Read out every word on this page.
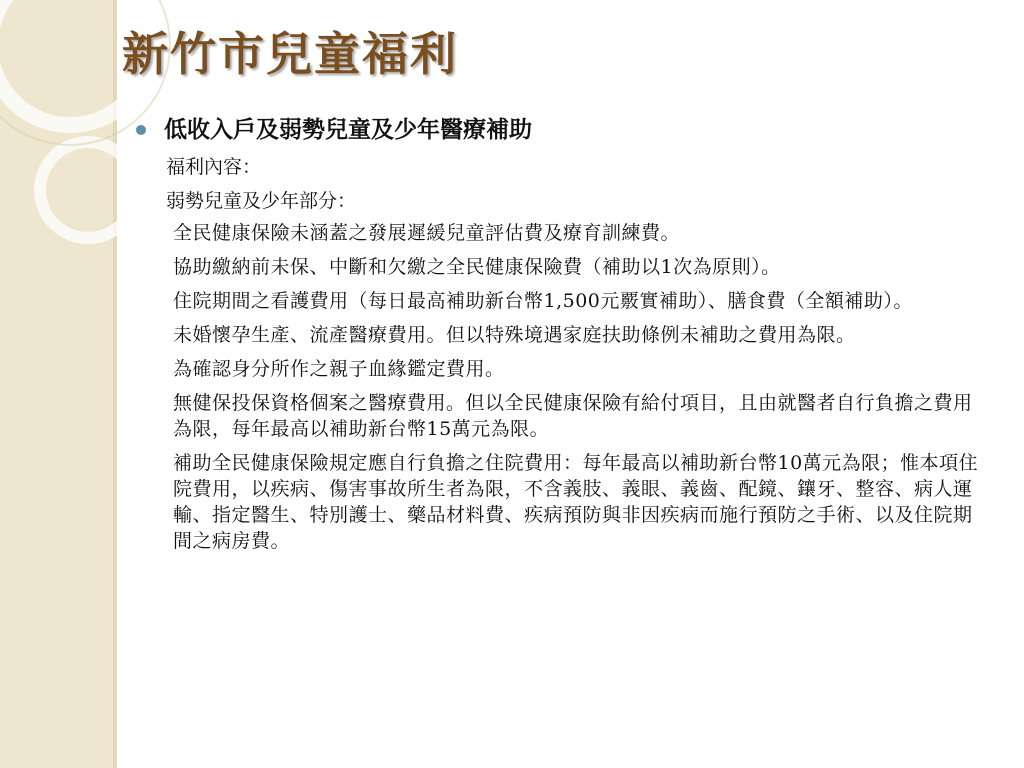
新竹市兒童福利
低收入戶及弱勢兒童及少年醫療補助
福利內容：
弱勢兒童及少年部分：
全民健康保險未涵蓋之發展遲緩兒童評估費及療育訓練費。
協助繳納前未保、中斷和欠繳之全民健康保險費（補助以1次為原則）。
住院期間之看護費用（每日最高補助新台幣1,500元覈實補助）、膳食費（全額補助）。
未婚懷孕生產、流產醫療費用。但以特殊境遇家庭扶助條例未補助之費用為限。
為確認身分所作之親子血緣鑑定費用。
無健保投保資格個案之醫療費用。但以全民健康保險有給付項目，且由就醫者自行負擔之費用為限，每年最高以補助新台幣15萬元為限。
補助全民健康保險規定應自行負擔之住院費用：每年最高以補助新台幣10萬元為限；惟本項住院費用，以疾病、傷害事故所生者為限，不含義肢、義眼、義齒、配鏡、鑲牙、整容、病人運輸、指定醫生、特別護士、藥品材料費、疾病預防與非因疾病而施行預防之手術、以及住院期間之病房費。
